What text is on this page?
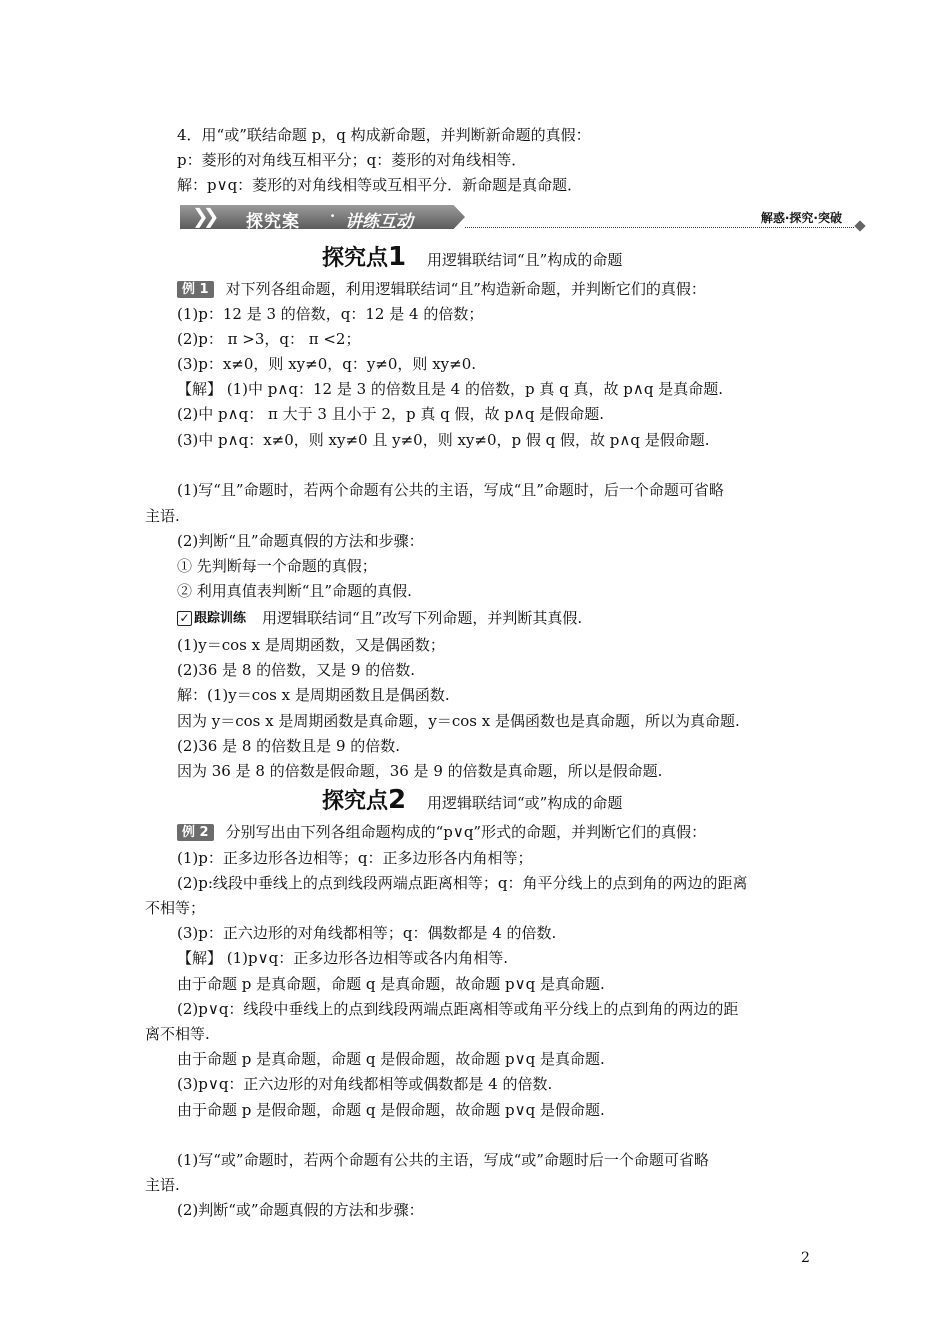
4．用“或”联结命题 p，q 构成新命题，并判断新命题的真假：
p：菱形的对角线互相平分；q：菱形的对角线相等．
解：p∨q：菱形的对角线相等或互相平分．新命题是真命题．
❯❯ 探究案 · 讲练互动	解惑·探究·突破
探究点1 用逻辑联结词“且”构成的命题
例 1 对下列各组命题，利用逻辑联结词“且”构造新命题，并判断它们的真假：
(1)p：12 是 3 的倍数，q：12 是 4 的倍数；
(2)p： π >3，q： π <2；
(3)p：x≠0，则 xy≠0，q：y≠0，则 xy≠0.
【解】 (1)中 p∧q：12 是 3 的倍数且是 4 的倍数，p 真 q 真，故 p∧q 是真命题.
(2)中 p∧q： π 大于 3 且小于 2，p 真 q 假，故 p∧q 是假命题.
(3)中 p∧q：x≠0，则 xy≠0 且 y≠0，则 xy≠0，p 假 q 假，故 p∧q 是假命题.
(1)写“且”命题时，若两个命题有公共的主语，写成“且”命题时，后一个命题可省略
主语.
(2)判断“且”命题真假的方法和步骤：
① 先判断每一个命题的真假；
② 利用真值表判断“且”命题的真假.
✓ 跟踪训练 用逻辑联结词“且”改写下列命题，并判断其真假.
(1)y＝cos x 是周期函数，又是偶函数；
(2)36 是 8 的倍数，又是 9 的倍数.
解：(1)y＝cos x 是周期函数且是偶函数.
因为 y＝cos x 是周期函数是真命题，y＝cos x 是偶函数也是真命题，所以为真命题.
(2)36 是 8 的倍数且是 9 的倍数.
因为 36 是 8 的倍数是假命题，36 是 9 的倍数是真命题，所以是假命题.
探究点2 用逻辑联结词“或”构成的命题
例 2 分别写出由下列各组命题构成的“p∨q”形式的命题，并判断它们的真假：
(1)p：正多边形各边相等；q：正多边形各内角相等；
(2)p:线段中垂线上的点到线段两端点距离相等；q：角平分线上的点到角的两边的距离
不相等；
(3)p：正六边形的对角线都相等；q：偶数都是 4 的倍数.
【解】 (1)p∨q：正多边形各边相等或各内角相等.
由于命题 p 是真命题，命题 q 是真命题，故命题 p∨q 是真命题.
(2)p∨q：线段中垂线上的点到线段两端点距离相等或角平分线上的点到角的两边的距
离不相等.
由于命题 p 是真命题，命题 q 是假命题，故命题 p∨q 是真命题.
(3)p∨q：正六边形的对角线都相等或偶数都是 4 的倍数.
由于命题 p 是假命题，命题 q 是假命题，故命题 p∨q 是假命题.
(1)写“或”命题时，若两个命题有公共的主语，写成“或”命题时后一个命题可省略
主语.
(2)判断“或”命题真假的方法和步骤：
2
